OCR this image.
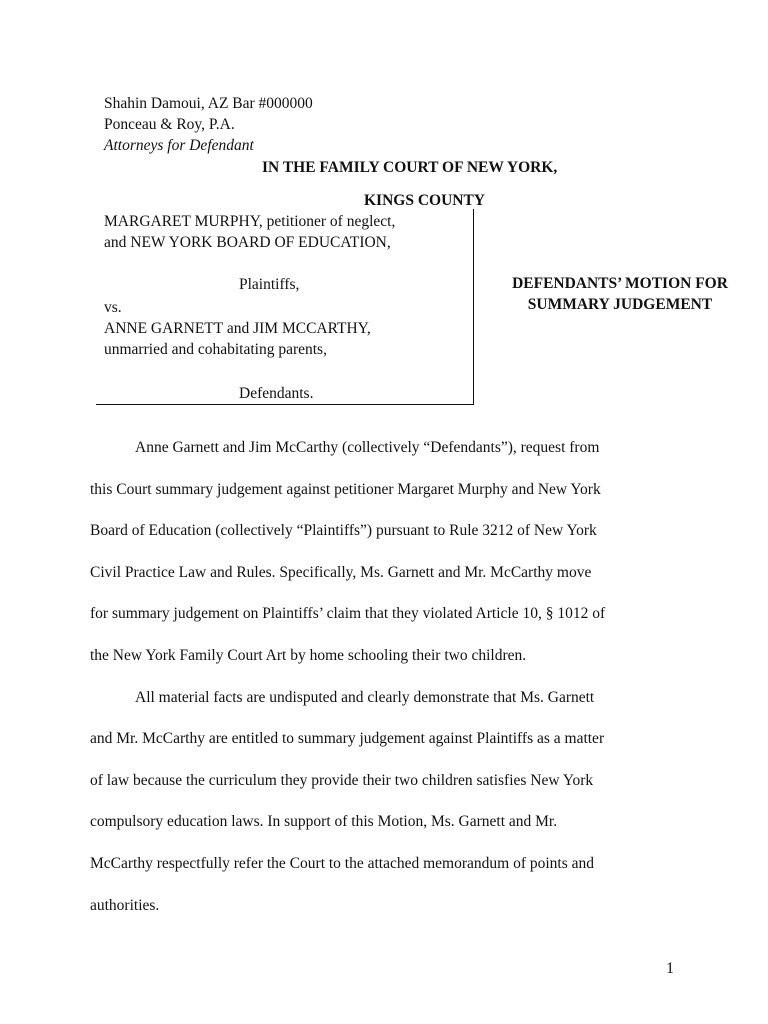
Shahin Damoui, AZ Bar #000000
Ponceau & Roy, P.A.
Attorneys for Defendant
IN THE FAMILY COURT OF NEW YORK,
KINGS COUNTY
MARGARET MURPHY, petitioner of neglect,
and NEW YORK BOARD OF EDUCATION,
Plaintiffs,
vs.
ANNE GARNETT and JIM MCCARTHY,
unmarried and cohabitating parents,
Defendants.
DEFENDANTS’ MOTION FOR
SUMMARY JUDGEMENT
Anne Garnett and Jim McCarthy (collectively “Defendants”), request from
this Court summary judgement against petitioner Margaret Murphy and New York
Board of Education (collectively “Plaintiffs”) pursuant to Rule 3212 of New York
Civil Practice Law and Rules. Specifically, Ms. Garnett and Mr. McCarthy move
for summary judgement on Plaintiffs’ claim that they violated Article 10, § 1012 of
the New York Family Court Art by home schooling their two children.
All material facts are undisputed and clearly demonstrate that Ms. Garnett
and Mr. McCarthy are entitled to summary judgement against Plaintiffs as a matter
of law because the curriculum they provide their two children satisfies New York
compulsory education laws. In support of this Motion, Ms. Garnett and Mr.
McCarthy respectfully refer the Court to the attached memorandum of points and
authorities.
1
